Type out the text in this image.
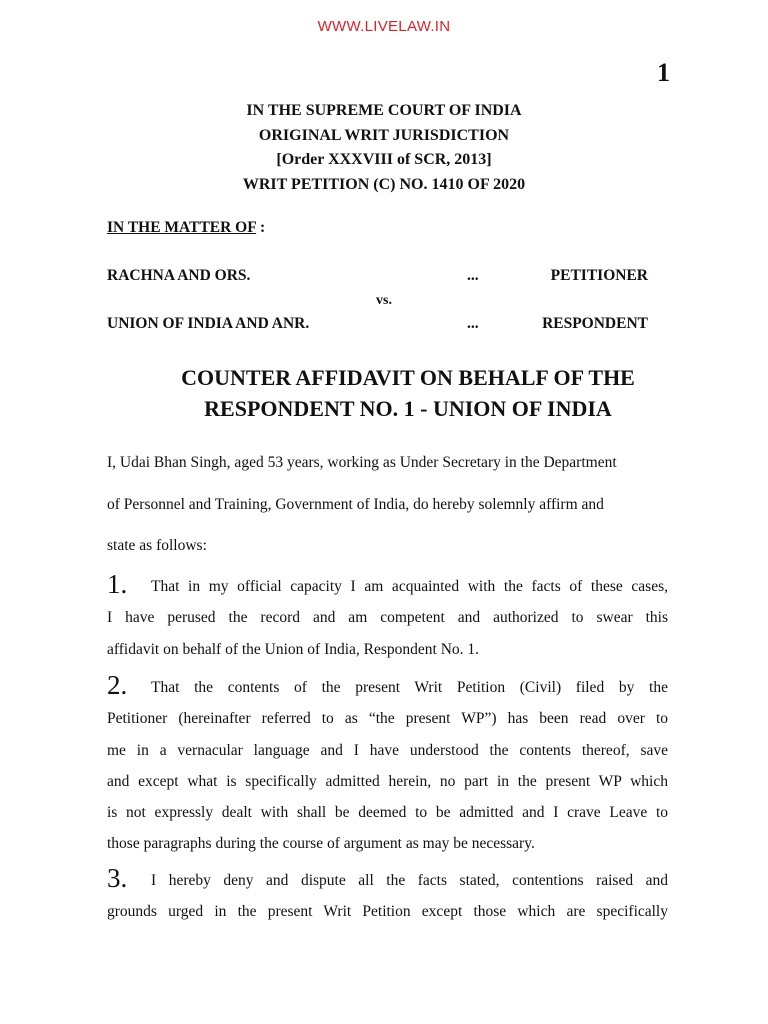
WWW.LIVELAW.IN
1
IN THE SUPREME COURT OF INDIA
ORIGINAL WRIT JURISDICTION
[Order XXXVIII of SCR, 2013]
WRIT PETITION (C) NO. 1410 OF 2020
IN THE MATTER OF :
RACHNA AND ORS.	...	PETITIONER
vs.
UNION OF INDIA AND ANR.	...	RESPONDENT
COUNTER AFFIDAVIT ON BEHALF OF THE
RESPONDENT NO. 1 - UNION OF INDIA
I, Udai Bhan Singh, aged 53 years, working as Under Secretary in the Department
of Personnel and Training, Government of India, do hereby solemnly affirm and
state as follows:
1. That in my official capacity I am acquainted with the facts of these cases,
I have perused the record and am competent and authorized to swear this
affidavit on behalf of the Union of India, Respondent No. 1.
2. That the contents of the present Writ Petition (Civil) filed by the
Petitioner (hereinafter referred to as “the present WP”) has been read over to
me in a vernacular language and I have understood the contents thereof, save
and except what is specifically admitted herein, no part in the present WP which
is not expressly dealt with shall be deemed to be admitted and I crave Leave to
those paragraphs during the course of argument as may be necessary.
3. I hereby deny and dispute all the facts stated, contentions raised and
grounds urged in the present Writ Petition except those which are specifically
